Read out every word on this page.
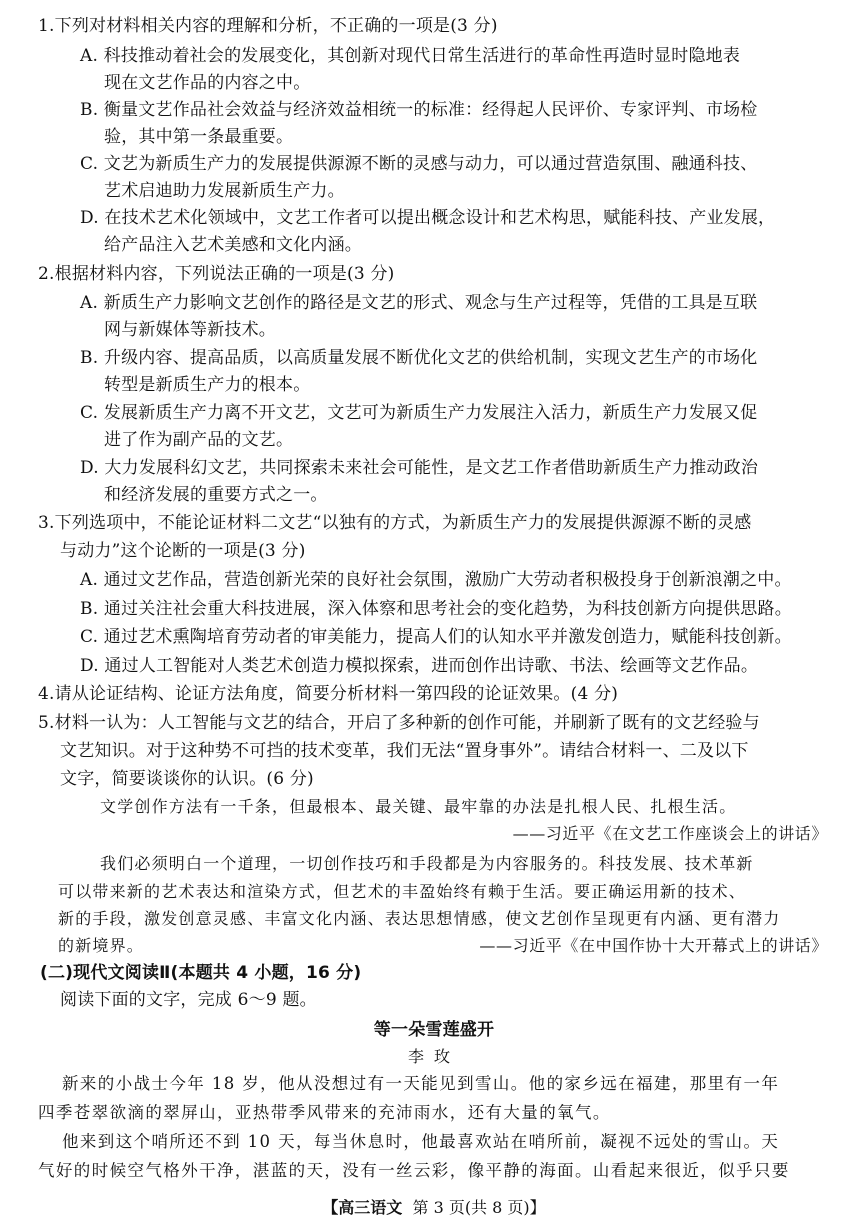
1.下列对材料相关内容的理解和分析，不正确的一项是(3 分)
A. 科技推动着社会的发展变化，其创新对现代日常生活进行的革命性再造时显时隐地表
现在文艺作品的内容之中。
B. 衡量文艺作品社会效益与经济效益相统一的标准：经得起人民评价、专家评判、市场检
验，其中第一条最重要。
C. 文艺为新质生产力的发展提供源源不断的灵感与动力，可以通过营造氛围、融通科技、
艺术启迪助力发展新质生产力。
D. 在技术艺术化领域中，文艺工作者可以提出概念设计和艺术构思，赋能科技、产业发展，
给产品注入艺术美感和文化内涵。
2.根据材料内容，下列说法正确的一项是(3 分)
A. 新质生产力影响文艺创作的路径是文艺的形式、观念与生产过程等，凭借的工具是互联
网与新媒体等新技术。
B. 升级内容、提高品质，以高质量发展不断优化文艺的供给机制，实现文艺生产的市场化
转型是新质生产力的根本。
C. 发展新质生产力离不开文艺，文艺可为新质生产力发展注入活力，新质生产力发展又促
进了作为副产品的文艺。
D. 大力发展科幻文艺，共同探索未来社会可能性，是文艺工作者借助新质生产力推动政治
和经济发展的重要方式之一。
3.下列选项中，不能论证材料二文艺“以独有的方式，为新质生产力的发展提供源源不断的灵感
与动力”这个论断的一项是(3 分)
A. 通过文艺作品，营造创新光荣的良好社会氛围，激励广大劳动者积极投身于创新浪潮之中。
B. 通过关注社会重大科技进展，深入体察和思考社会的变化趋势，为科技创新方向提供思路。
C. 通过艺术熏陶培育劳动者的审美能力，提高人们的认知水平并激发创造力，赋能科技创新。
D. 通过人工智能对人类艺术创造力模拟探索，进而创作出诗歌、书法、绘画等文艺作品。
4.请从论证结构、论证方法角度，简要分析材料一第四段的论证效果。(4 分)
5.材料一认为：人工智能与文艺的结合，开启了多种新的创作可能，并刷新了既有的文艺经验与
文艺知识。对于这种势不可挡的技术变革，我们无法“置身事外”。请结合材料一、二及以下
文字，简要谈谈你的认识。(6 分)
文学创作方法有一千条，但最根本、最关键、最牢靠的办法是扎根人民、扎根生活。
——习近平《在文艺工作座谈会上的讲话》
我们必须明白一个道理，一切创作技巧和手段都是为内容服务的。科技发展、技术革新
可以带来新的艺术表达和渲染方式，但艺术的丰盈始终有赖于生活。要正确运用新的技术、
新的手段，激发创意灵感、丰富文化内涵、表达思想情感，使文艺创作呈现更有内涵、更有潜力
的新境界。	——习近平《在中国作协十大开幕式上的讲话》
(二)现代文阅读Ⅱ(本题共 4 小题，16 分)
阅读下面的文字，完成 6～9 题。
等一朵雪莲盛开
李玫
新来的小战士今年 18 岁，他从没想过有一天能见到雪山。他的家乡远在福建，那里有一年
四季苍翠欲滴的翠屏山，亚热带季风带来的充沛雨水，还有大量的氧气。
他来到这个哨所还不到 10 天，每当休息时，他最喜欢站在哨所前，凝视不远处的雪山。天
气好的时候空气格外干净，湛蓝的天，没有一丝云彩，像平静的海面。山看起来很近，似乎只要
【高三语文 第 3 页(共 8 页)】
